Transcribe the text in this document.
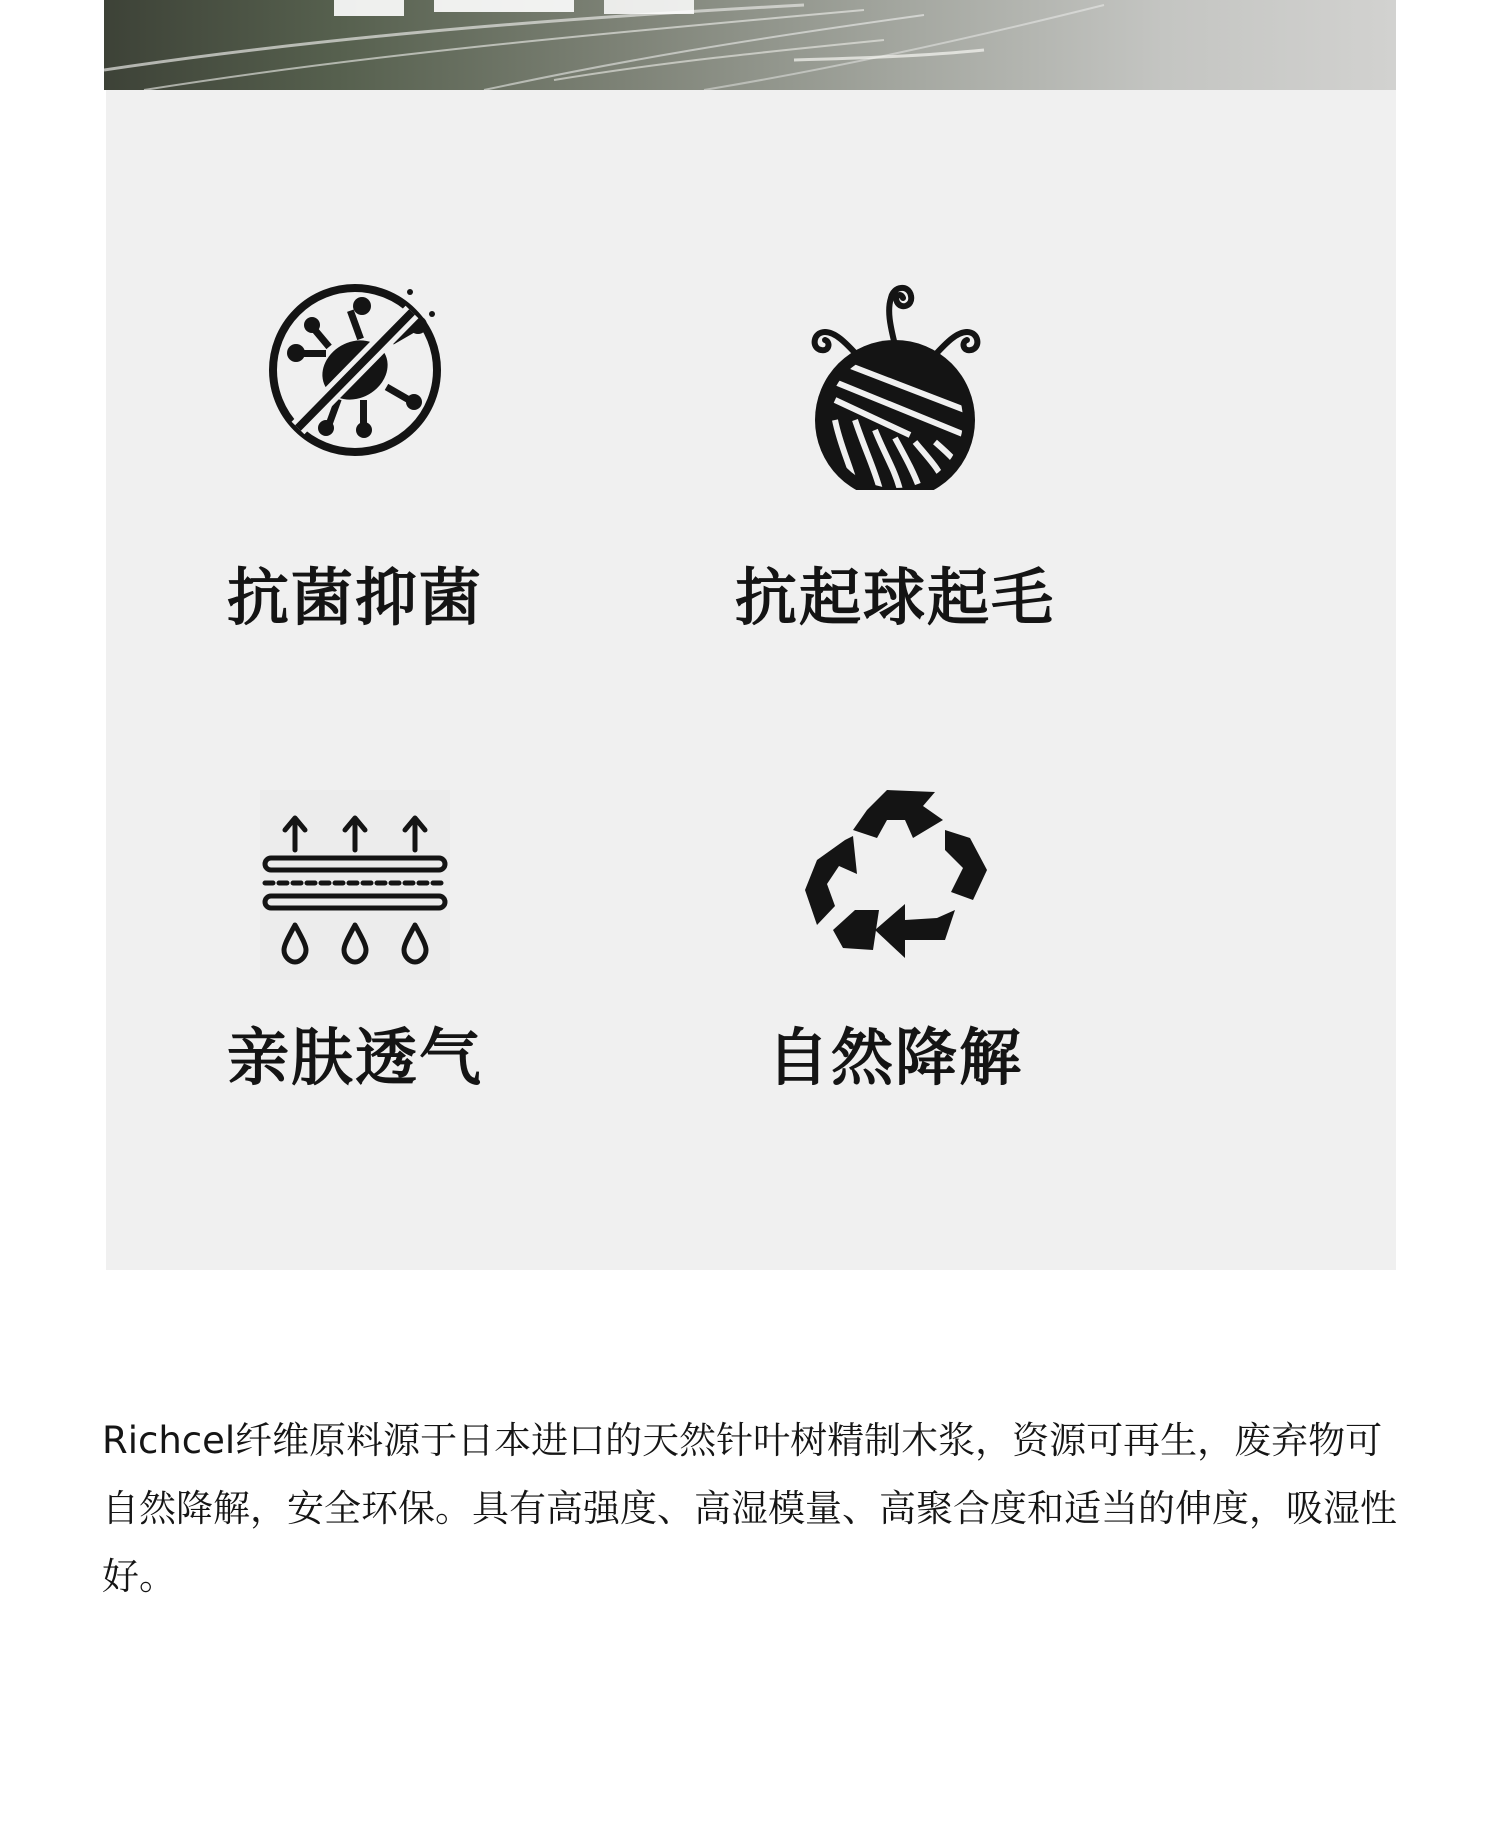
抗菌抑菌	抗起球起毛
亲肤透气	自然降解

Richcel纤维原料源于日本进口的天然针叶树精制木浆，资源可再生，废弃物可自然降解，安全环保。具有高强度、高湿模量、高聚合度和适当的伸度，吸湿性好。
